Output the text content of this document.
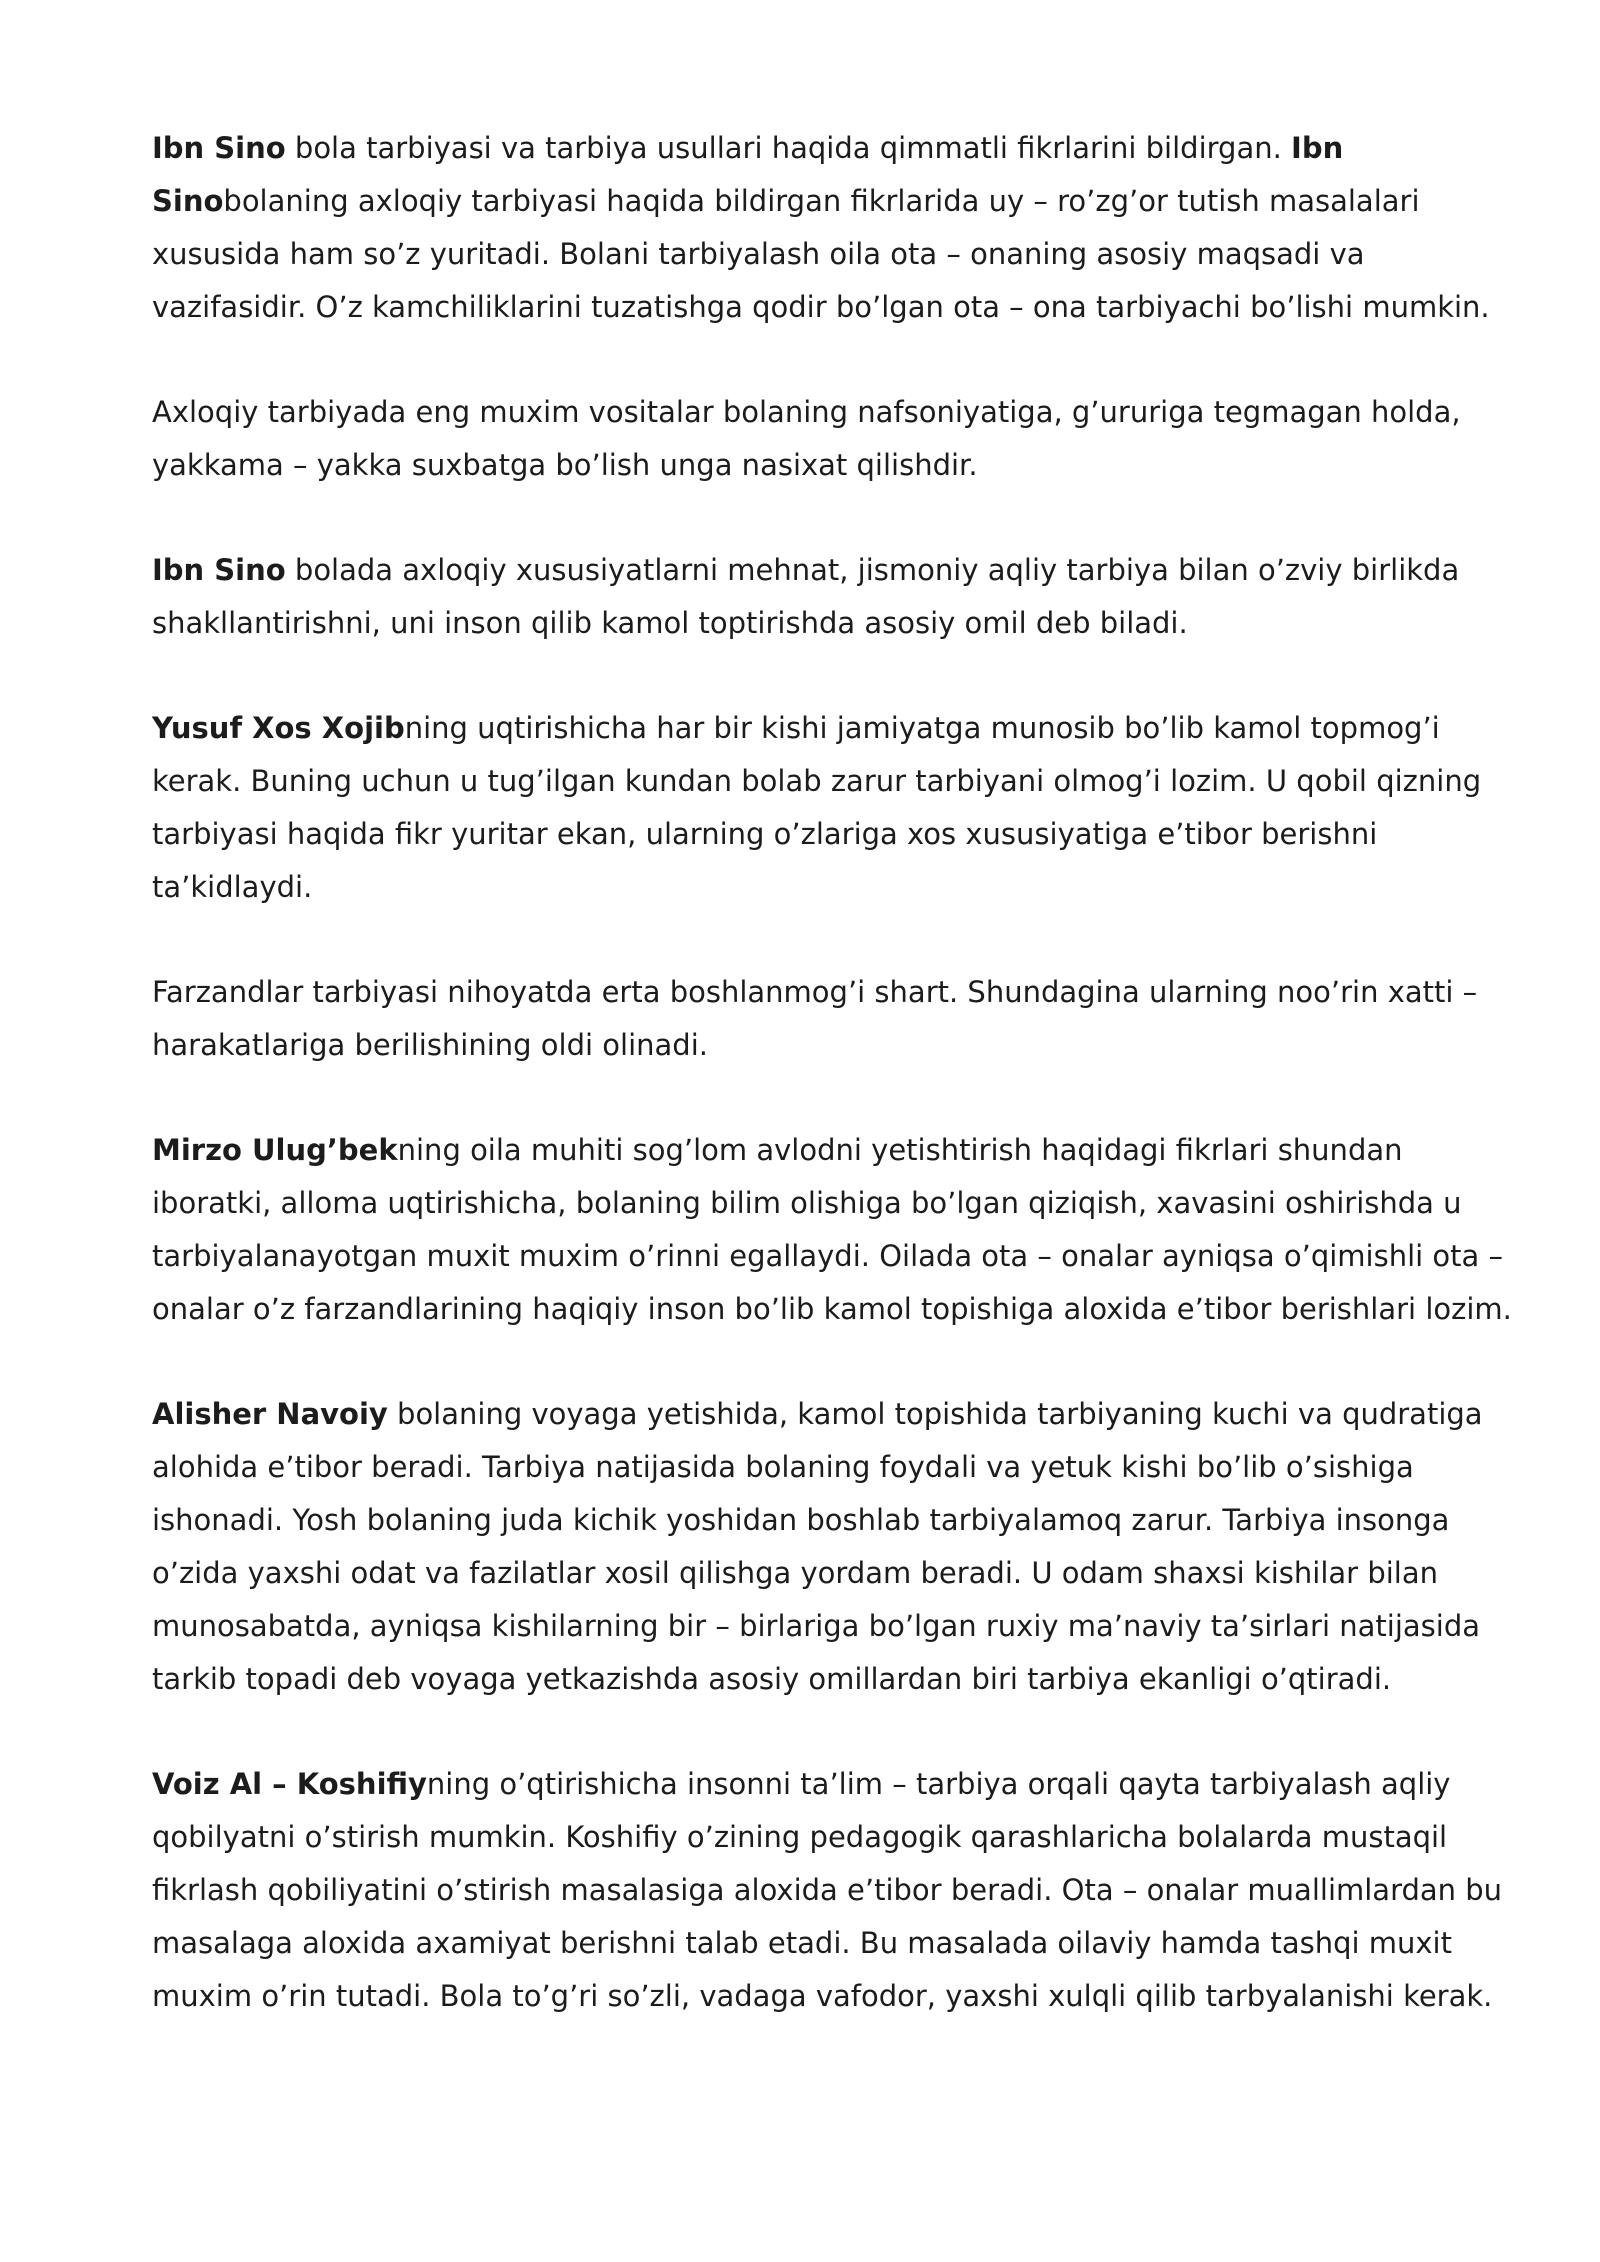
Ibn Sino bola tarbiyasi va tarbiya usullari haqida qimmatli fikrlarini bildirgan. Ibn Sinobolaning axloqiy tarbiyasi haqida bildirgan fikrlarida uy – ro’zg’or tutish masalalari xususida ham so’z yuritadi. Bolani tarbiyalash oila ota – onaning asosiy maqsadi va vazifasidir. O’z kamchiliklarini tuzatishga qodir bo’lgan ota – ona tarbiyachi bo’lishi mumkin.

Axloqiy tarbiyada eng muxim vositalar bolaning nafsoniyatiga, g’ururiga tegmagan holda, yakkama – yakka suxbatga bo’lish unga nasixat qilishdir.

Ibn Sino bolada axloqiy xususiyatlarni mehnat, jismoniy aqliy tarbiya bilan o’zviy birlikda shakllantirishni, uni inson qilib kamol toptirishda asosiy omil deb biladi.

Yusuf Xos Xojibning uqtirishicha har bir kishi jamiyatga munosib bo’lib kamol topmog’i kerak. Buning uchun u tug’ilgan kundan bolab zarur tarbiyani olmog’i lozim. U qobil qizning tarbiyasi haqida fikr yuritar ekan, ularning o’zlariga xos xususiyatiga e’tibor berishni ta’kidlaydi.

Farzandlar tarbiyasi nihoyatda erta boshlanmog’i shart. Shundagina ularning noo’rin xatti – harakatlariga berilishining oldi olinadi.

Mirzo Ulug’bekning oila muhiti sog’lom avlodni yetishtirish haqidagi fikrlari shundan iboratki, alloma uqtirishicha, bolaning bilim olishiga bo’lgan qiziqish, xavasini oshirishda u tarbiyalanayotgan muxit muxim o’rinni egallaydi. Oilada ota – onalar ayniqsa o’qimishli ota – onalar o’z farzandlarining haqiqiy inson bo’lib kamol topishiga aloxida e’tibor berishlari lozim.

Alisher Navoiy bolaning voyaga yetishida, kamol topishida tarbiyaning kuchi va qudratiga alohida e’tibor beradi. Tarbiya natijasida bolaning foydali va yetuk kishi bo’lib o’sishiga ishonadi. Yosh bolaning juda kichik yoshidan boshlab tarbiyalamoq zarur. Tarbiya insonga o’zida yaxshi odat va fazilatlar xosil qilishga yordam beradi. U odam shaxsi kishilar bilan munosabatda, ayniqsa kishilarning bir – birlariga bo’lgan ruxiy ma’naviy ta’sirlari natijasida tarkib topadi deb voyaga yetkazishda asosiy omillardan biri tarbiya ekanligi o’qtiradi.

Voiz Al – Koshifiyning o’qtirishicha insonni ta’lim – tarbiya orqali qayta tarbiyalash aqliy qobilyatni o’stirish mumkin. Koshifiy o’zining pedagogik qarashlaricha bolalarda mustaqil fikrlash qobiliyatini o’stirish masalasiga aloxida e’tibor beradi. Ota – onalar muallimlardan bu masalaga aloxida axamiyat berishni talab etadi. Bu masalada oilaviy hamda tashqi muxit muxim o’rin tutadi. Bola to’g’ri so’zli, vadaga vafodor, yaxshi xulqli qilib tarbyalanishi kerak.
